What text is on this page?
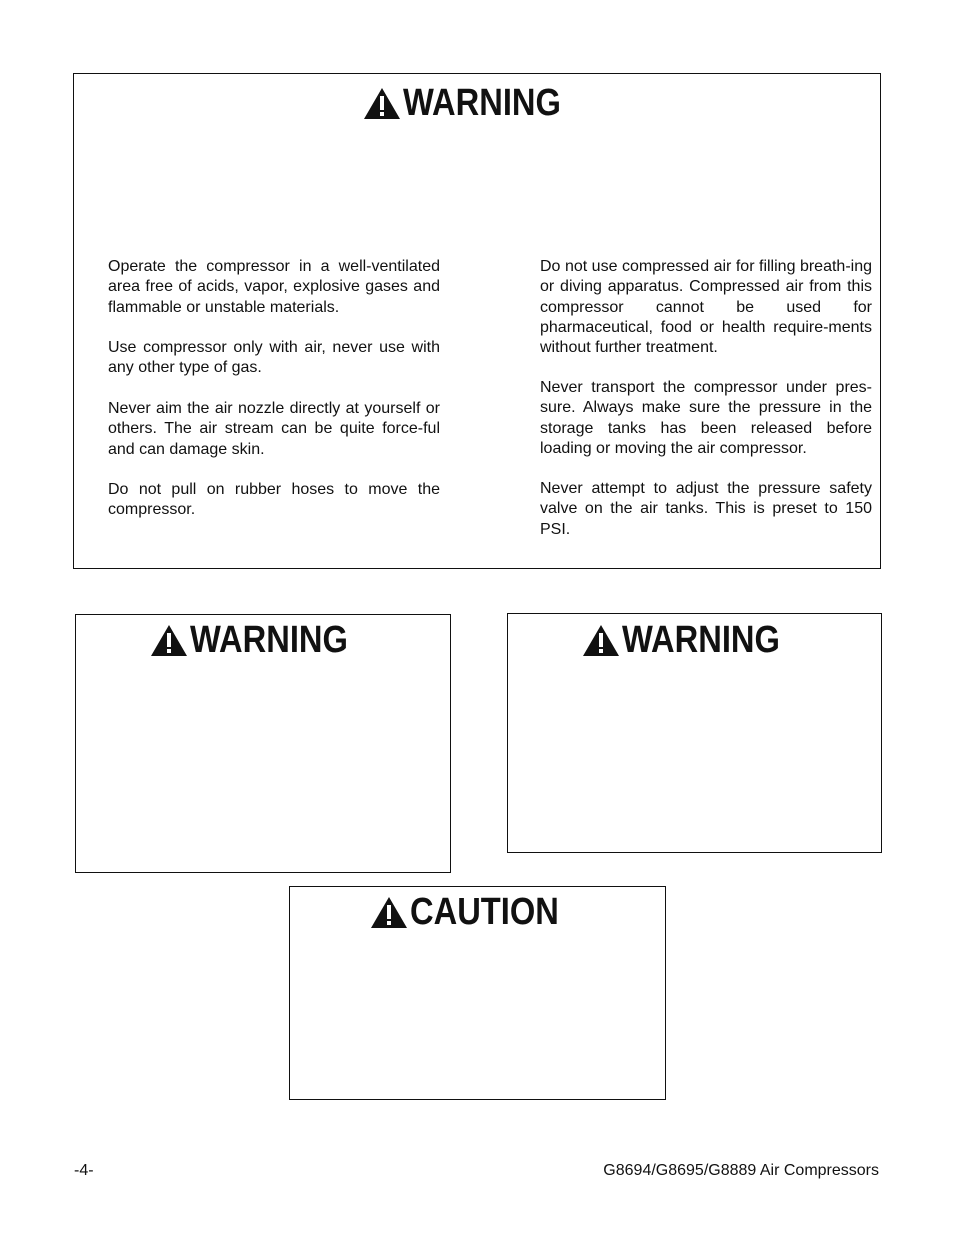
WARNING

Operate the compressor in a well-ventilated area free of acids, vapor, explosive gases and flammable or unstable materials.

Use compressor only with air, never use with any other type of gas.

Never aim the air nozzle directly at yourself or others. The air stream can be quite force-ful and can damage skin.

Do not pull on rubber hoses to move the compressor.

Do not use compressed air for filling breath-ing or diving apparatus. Compressed air from this compressor cannot be used for pharmaceutical, food or health require-ments without further treatment.

Never transport the compressor under pres-sure. Always make sure the pressure in the storage tanks has been released before loading or moving the air compressor.

Never attempt to adjust the pressure safety valve on the air tanks. This is preset to 150 PSI.

WARNING	WARNING
CAUTION
-4-	G8694/G8695/G8889 Air Compressors
